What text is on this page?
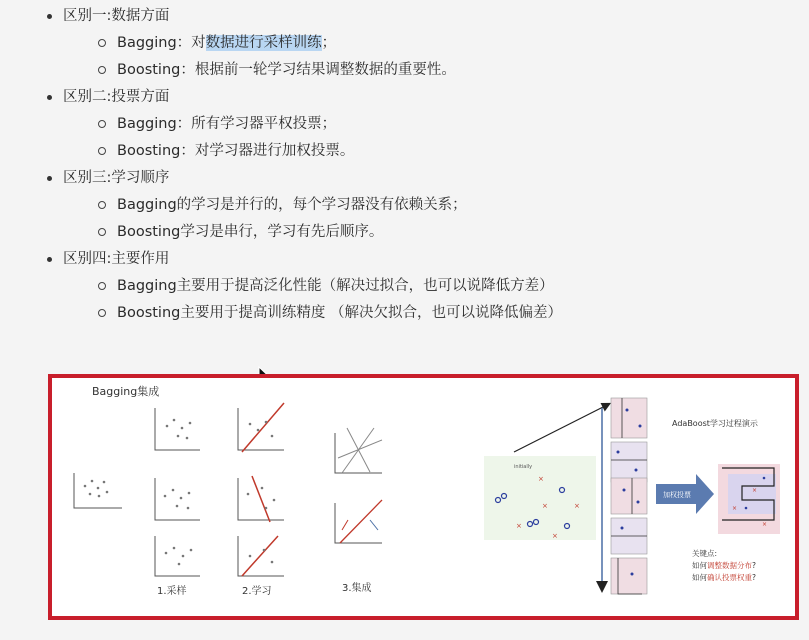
区别一:数据方面
Bagging：对数据进行采样训练；
Boosting：根据前一轮学习结果调整数据的重要性。
区别二:投票方面
Bagging：所有学习器平权投票；
Boosting：对学习器进行加权投票。
区别三:学习顺序
Bagging的学习是并行的，每个学习器没有依赖关系；
Boosting学习是串行，学习有先后顺序。
区别四:主要作用
Bagging主要用于提高泛化性能（解决过拟合，也可以说降低方差）
Boosting主要用于提高训练精度 （解决欠拟合，也可以说降低偏差）
Bagging集成
1.采样	2.学习	3.集成
initially
×
×
×
×
×
AdaBoost学习过程演示
加权投票
×
×
×
关键点:
如何调整数据分布?
如何确认投票权重?
